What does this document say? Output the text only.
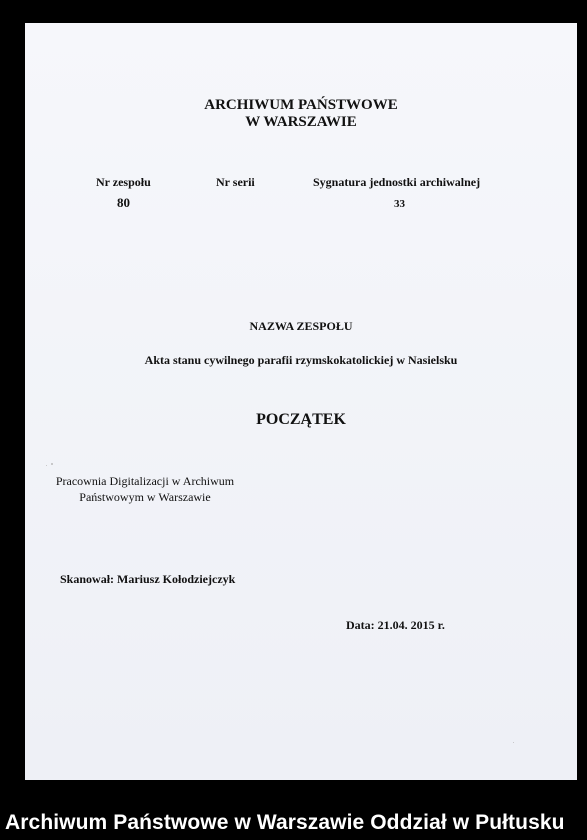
ARCHIWUM PAŃSTWOWE
W WARSZAWIE
Nr zespołu
80
Nr serii	Sygnatura jednostki archiwalnej
33
NAZWA ZESPOŁU
Akta stanu cywilnego parafii rzymskokatolickiej w Nasielsku
POCZĄTEK
Pracownia Digitalizacji w Archiwum
Państwowym w Warszawie
Skanował: Mariusz Kołodziejczyk
Data: 21.04. 2015 r.
Archiwum Państwowe w Warszawie Oddział w Pułtusku
